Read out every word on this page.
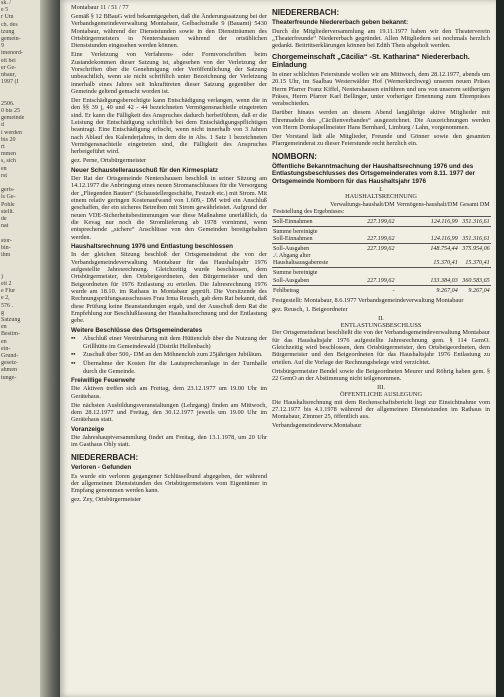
sk. /
e 5
r Um
ch. des
tzung
gemein-
9
imenord-
eit bei
er Ge-
nbaur,
1997 (I

2506.
0 bis 25
gemeinde
d
i werden
bis 20
rt
mmen
s, sich
en
rst

geris-
ls Ge-
Pohle
stellt.
de
nat

stor-
bin-
ihm

)
eit 2
e Flur
e 2,
576 .
g
Satzung
en
Bestim-
en
ein-
Grund-
gesetz-
ahmen
tunge-

Montabaur 11 / 51 / 77

Gemäß § 12 BBauG wird bekanntgegeben, daß die Änderungssatzung bei der Verbandsgemeindeverwaltung Montabaur, Gelbachstraße 9 (Bauamt) 5430 Montabaur, während der Dienststunden sowie in den Dienstträumen des Ortsbürgermeisters in Nentershausen während der ortsüblichen Dienststunden eingesehen werden können.

Eine Verletzung von Verfahrens- oder Formvorschriften beim Zustandekommen dieser Satzung ist, abgesehen von der Verletzung der Vorschriften über die Genehmigung oder Veröffentlichung der Satzung unbeachtlich, wenn sie nicht schriftlich unter Bezeichnung der Verletzung innerhalb eines Jahres seit Inkrafttreten dieser Satzung gegenüber der Gemeinde geltend gemacht worden ist.

Der Entschädigungsberechtigte kann Entschädigung verlangen, wenn die in den §§ 39 j, 40 und 42 - 44 bezeichneten Vermögensnachteile eingetreten sind. Er kann die Fälligkeit des Anspruches dadurch herbeiführen, daß er die Leistung der Entschädigung schriftlich bei dem Entschädigungspflichtigen beantragt. Eine Entschädigung erlischt, wenn nicht innerhalb von 3 Jahren nach Ablauf des Kalenderjahres, in dem die in Abs. 1 Satz 1 bezeichneten Vermögensnachteile eingetreten sind, die Fälligkeit des Anspruches herbeigeführt wird.

gez. Perne, Ortsbürgermeister

Neuer Schaustellerausschuß für den Kirmesplatz

Der Rat der Ortsgemeinde Nentershausen beschloß in seiner Sitzung am 14.12.1977 die Anbringung eines neuen Stromanschlusses für die Versorgung der „Fliegenden Bauten“ (Schaustellergeschäfte, Festzelt etc.) mit Strom. Mit einem relativ geringen Kostenaufwand von 1.609,- DM wird ein Anschluß geschaffen, der ein sicheres Betreiben mit Strom gewährleistet. Aufgrund der neuen VDE-Sicherheitsbestimmungen war diese Maßnahme unerläßlich, da die Kevag nur noch die Stromlieferung ab 1978 vornimmt, wenn entsprechende „sichere“ Anschlüsse von den Gemeinden bereitgehalten werden.

Haushaltsrechnung 1976 und Entlastung beschlossen

In der gleichen Sitzung beschloß der Ortsgemeinderat die von der Verbandsgemeindeverwaltung Montabaur für das Haushaltsjahr 1976 aufgestellte Jahresrechnung. Gleichzeitig wurde beschlossen, dem Ortsbürgermeister, den Ortsbeigeordneten, den Bürgermeister und den Beigeordneten für 1976 Entlastung zu erteilen. Die Jahresrechnung 1976 wurde am 18.10. im Rathaus in Montabaur geprüft. Die Vorsitzende des Rechnungsprüfungsausschusses Frau Irma Reusch, gab dem Rat bekannt, daß diese Prüfung keine Beanstandungen ergab, und der Ausschuß dem Rat die Empfehlung zur Beschlußfassung der Haushaltsrechnung und der Entlastung gebe.

Weitere Beschlüsse des Ortsgemeinderates
••	Abschluß einer Vereinbarung mit dem Hüttenclub über die Nutzung der Grillhütte im Gemeindewald (Distrikt Hellenbach)
••	Zuschuß über 500,- DM an den Möhnenclub zum 25jährigen Jubiläum.
••	Übernahme der Kosten für die Lautsprecheranlage in der Turnhalle durch die Gemeinde.
Freiwillige Feuerwehr

Die Aktiven treffen sich am Freitag, dem 23.12.1977 um 19.00 Uhr im Gerätehaus.

Die nächsten Ausbildungsveranstaltungen (Lehrgang) finden am Mittwoch, dem 28.12.1977 und Freitag, den 30.12.1977 jeweils um 19.00 Uhr im Gerätehaus statt.

Voranzeige

Die Jahreshauptversammlung findet am Freitag, den 13.1.1978, um 20 Uhr im Gasthaus Ohly statt.

NIEDERERBACH:
Verloren - Gefunden

Es wurde ein verloren gegangener Schlüsselbund abgegeben, der während der allgemeinen Dienststunden des Ortsbürgermeisters vom Eigentümer in Empfang genommen werden kann.

gez. Zey, Ortsbürgermeister

NIEDERERBACH:
Theaterfreunde Niedererbach geben bekannt:

Durch die Mitgliederversammlung am 19.11.1977 haben wir den Theaterverein „Theaterfreunde“ Niedererbach gegründet. Allen Mitgliedern sei nochmals herzlich gedankt. Beitrittserklärungen können bei Edith Theis abgeholt werden.

Chorgemeinschaft „Cäcilia“ -St. Katharina“ Niedererbach. Einladung

In einer schlichten Feierstunde wollen wir am Mittwoch, dem 28.12.1977, abends um 20.15 Uhr, im Saalbau Westerwälder Hof (Wernerkirchweg) unseren neuen Präses Herrn Pfarrer Franz Kiffel, Nentershausen einführen und uns von unserem seitherigen Präses, Herrn Pfarrer Karl Bellinger, unter vorheriger Ernennung zum Ehrenpräses verabschieden.

Darüber hinaus werden an diesem Abend langjährige aktive Mitglieder mit Ehrennadeln des „Cäcilienverbandes“ ausgezeichnet. Die Auszeichnungen werden von Herrn Domkapellmeister Hans Bernhard, Limburg / Lahn, vorgenommen.

Der Vorstand lädt alle Mitglieder, Freunde und Gönner sowie den gesamten Pfarrgemeinderat zu dieser Feierstunde recht herzlich ein.

NOMBORN:
Öffentliche Bekanntmachung der Haushaltsrechnung 1976 und des Entlastungsbeschlusses des Ortsgemeinderates vom 8.11. 1977 der Ortsgemeinde Nomborn für das Haushaltsjahr 1976
I.
HAUSHALTSRECHNUNG
	Verwaltungs-haushalt/DM	Vermögens-haushalt/DM	Gesamt DM
Feststellung des Ergebnisses:			

Soll-Einnahmen	227.199,62	124.116,99	351.316,61

Summe bereinigte Soll-Einnahmen	227.199,62	124.116,99	351.316,61

Soll-Ausgaben	227.199,62	148.754,44	375.954,06
./. Abgang alter Haushaltsausgabereste		15.370,41	15.370,41

Summe bereinigte Soll-Ausgaben	227.199,62	133.384,03	360.583,65

Fehlbetrag	-	9.267,04	9.267,04

Festgestellt: Montabaur, 8.6.1977 Verbandsgemeindeverwaltung Montabaur

gez. Reusch, 1. Beigeordneter

II.
ENTLASTUNGSBESCHLUSS

Der Ortsgemeinderat beschließt die von der Verbandsgemeindeverwaltung Montabaur für das Haushaltsjahr 1976 aufgestellte Jahresrechnung gem. § 114 GemO. Gleichzeitig wird beschlossen, dem Ortsbürgermeister, den Ortsbeigeordneten, dem Bürgermeister und den Beigeordneten für das Haushaltsjahr 1976 Entlastung zu erteilen. Auf die Vorlage der Rechnungsbelege wird verzichtet.

Ortsbürgermeister Bendel sowie die Beigeordneten Meurer und Röhrig haben gem. § 22 GemO an der Abstimmung nicht teilgenommen.

III.
ÖFFENTLICHE AUSLEGUNG

Die Haushaltsrechnung mit dem Rechenschaftsbericht liegt zur Einsichtnahme vom 27.12.1977 bis 4.1.1978 während der allgemeinen Dienststunden im Rathaus in Montabaur, Zimmer 25, öffentlich aus.

Verbandsgemeindeverw.Montabaur
